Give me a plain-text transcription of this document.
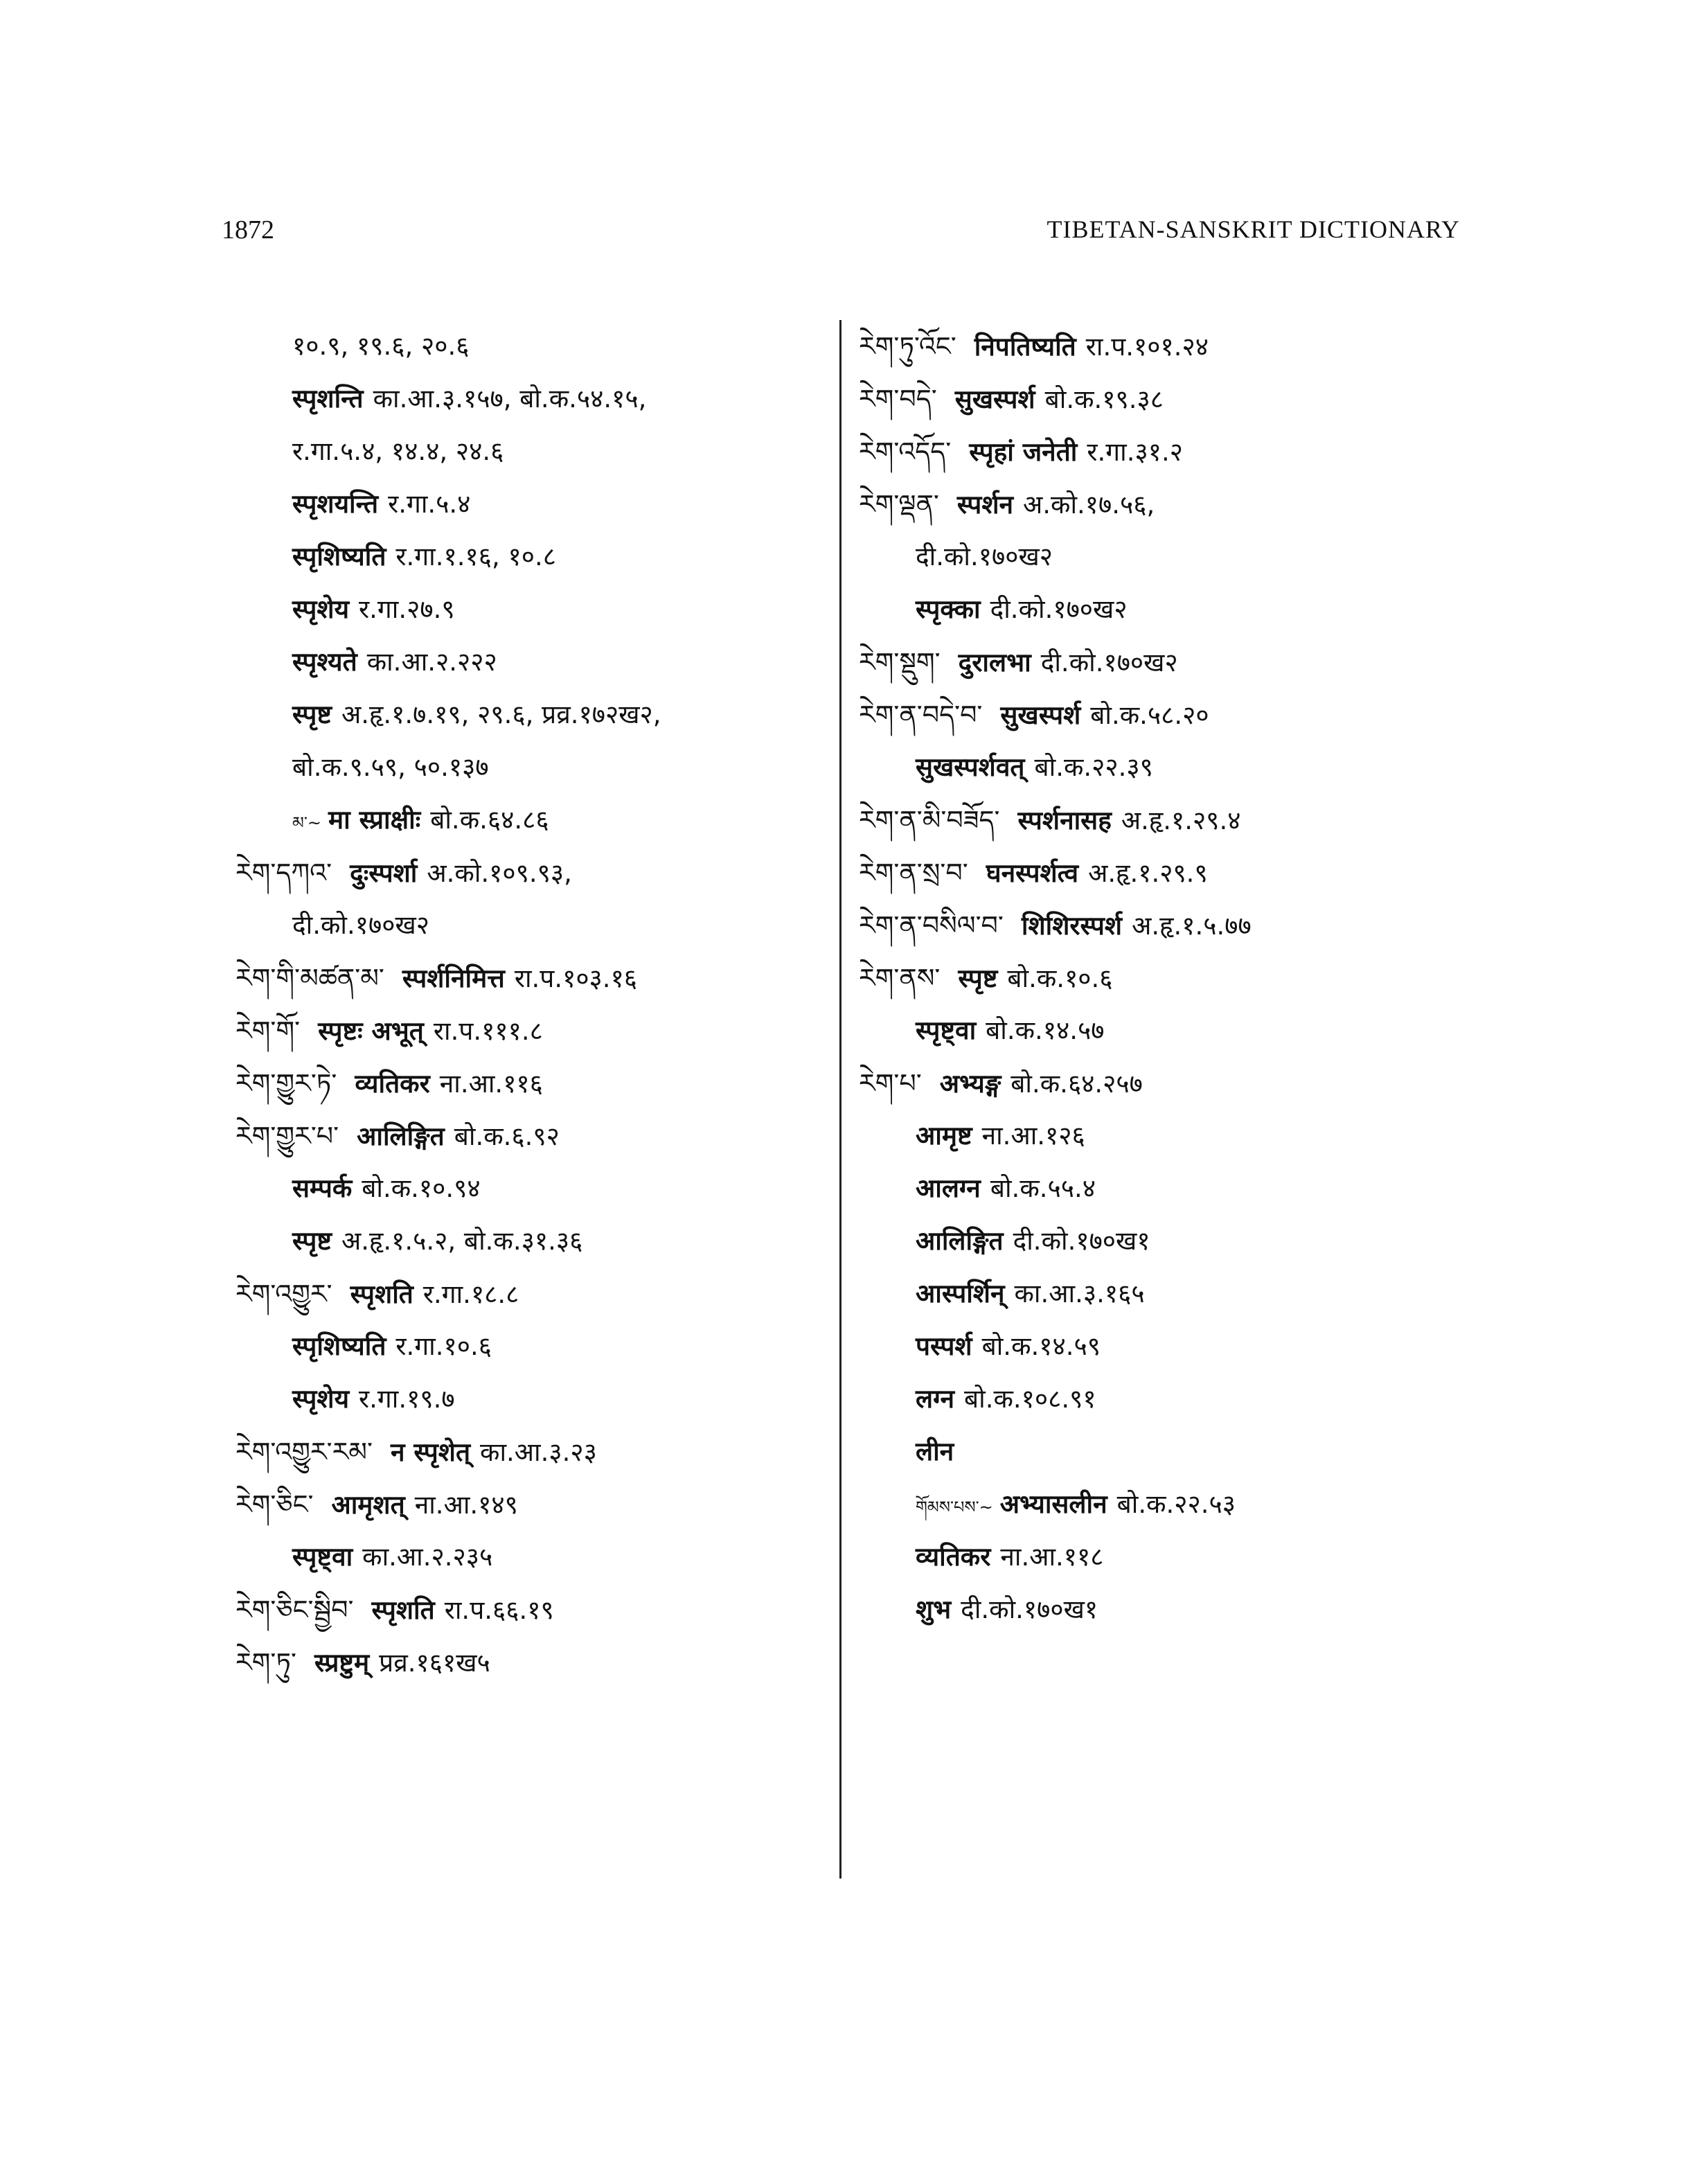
1872	TIBETAN-SANSKRIT DICTIONARY
१०.९, १९.६, २०.६
स्पृशन्ति का.आ.३.१५७, बो.क.५४.१५,
र.गा.५.४, १४.४, २४.६
स्पृशयन्ति र.गा.५.४
स्पृशिष्यति र.गा.१.१६, १०.८
स्पृशेय र.गा.२७.९
स्पृश्यते का.आ.२.२२२
स्पृष्ट अ.हृ.१.७.१९, २९.६, प्रव्र.१७२ख२,
बो.क.९.५९, ५०.१३७
མ་~ मा स्प्राक्षीः बो.क.६४.८६
རེག་དཀའ་ दुःस्पर्शा अ.को.१०९.९३,
दी.को.१७०ख२
རེག་གི་མཚན་མ་ स्पर्शनिमित्त रा.प.१०३.१६
རེག་གོ་ स्पृष्टः अभूत् रा.प.१११.८
རེག་གྱུར་ཏེ་ व्यतिकर ना.आ.११६
རེག་གྱུར་པ་ आलिङ्गित बो.क.६.९२
सम्पर्क बो.क.१०.९४
स्पृष्ट अ.हृ.१.५.२, बो.क.३१.३६
རེག་འགྱུར་ स्पृशति र.गा.१८.८
स्पृशिष्यति र.गा.१०.६
स्पृशेय र.गा.१९.७
རེག་འགྱུར་རམ་ न स्पृशेत् का.आ.३.२३
རེག་ཅིང་ आमृशत् ना.आ.१४९
स्पृष्ट्वा का.आ.२.२३५
རེག་ཅིང་སྦྱིབ་ स्पृशति रा.प.६६.१९
རེག་ཏུ་ स्प्रष्टुम् प्रव्र.१६१ख५
རེག་ཏུ་འོང་ निपतिष्यति रा.प.१०१.२४
རེག་བདེ་ सुखस्पर्श बो.क.१९.३८
རེག་འདོད་ स्पृहां जनेती र.गा.३१.२
རེག་ལྡན་ स्पर्शन अ.को.१७.५६,
दी.को.१७०ख२
स्पृक्का दी.को.१७०ख२
རེག་སྡུག་ दुरालभा दी.को.१७०ख२
རེག་ན་བདེ་བ་ सुखस्पर्श बो.क.५८.२०
सुखस्पर्शवत् बो.क.२२.३९
རེག་ན་མི་བཟོད་ स्पर्शनासह अ.हृ.१.२९.४
རེག་ན་སྲ་བ་ घनस्पर्शत्व अ.हृ.१.२९.९
རེག་ན་བསིལ་བ་ शिशिरस्पर्श अ.हृ.१.५.७७
རེག་ནས་ स्पृष्ट बो.क.१०.६
स्पृष्ट्वा बो.क.१४.५७
རེག་པ་ अभ्यङ्ग बो.क.६४.२५७
आमृष्ट ना.आ.१२६
आलग्न बो.क.५५.४
आलिङ्गित दी.को.१७०ख१
आस्पर्शिन् का.आ.३.१६५
पस्पर्श बो.क.१४.५९
लग्न बो.क.१०८.९१
लीन
གོམས་པས་~ अभ्यासलीन बो.क.२२.५३
व्यतिकर ना.आ.११८
शुभ दी.को.१७०ख१
